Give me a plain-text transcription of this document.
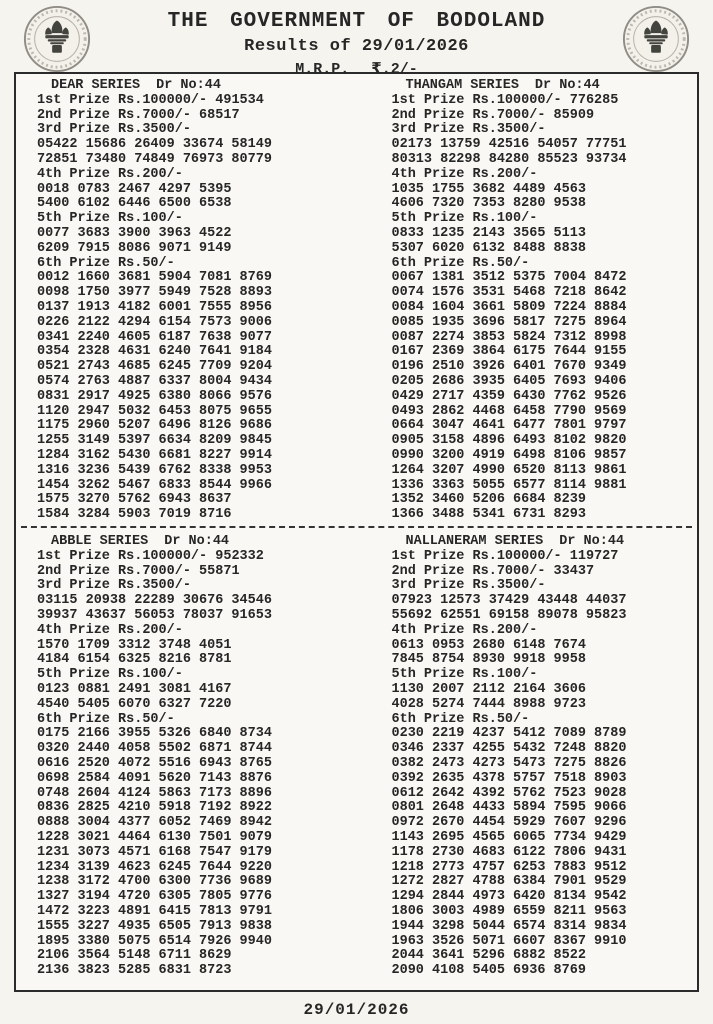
THE GOVERNMENT OF BODOLAND
Results of 29/01/2026
M.R.P. ₹.2/-
DEAR SERIES Dr No:44
1st Prize Rs.100000/- 491534
2nd Prize Rs.7000/- 68517
3rd Prize Rs.3500/-
05422 15686 26409 33674 58149
72851 73480 74849 76973 80779
4th Prize Rs.200/-
0018 0783 2467 4297 5395
5400 6102 6446 6500 6538
5th Prize Rs.100/-
0077 3683 3900 3963 4522
6209 7915 8086 9071 9149
6th Prize Rs.50/-
0012 1660 3681 5904 7081 8769
0098 1750 3977 5949 7528 8893
0137 1913 4182 6001 7555 8956
0226 2122 4294 6154 7573 9006
0341 2240 4605 6187 7638 9077
0354 2328 4631 6240 7641 9184
0521 2743 4685 6245 7709 9204
0574 2763 4887 6337 8004 9434
0831 2917 4925 6380 8066 9576
1120 2947 5032 6453 8075 9655
1175 2960 5207 6496 8126 9686
1255 3149 5397 6634 8209 9845
1284 3162 5430 6681 8227 9914
1316 3236 5439 6762 8338 9953
1454 3262 5467 6833 8544 9966
1575 3270 5762 6943 8637
1584 3284 5903 7019 8716
THANGAM SERIES Dr No:44
1st Prize Rs.100000/- 776285
2nd Prize Rs.7000/- 85909
3rd Prize Rs.3500/-
02173 13759 42516 54057 77751
80313 82298 84280 85523 93734
4th Prize Rs.200/-
1035 1755 3682 4489 4563
4606 7320 7353 8280 9538
5th Prize Rs.100/-
0833 1235 2143 3565 5113
5307 6020 6132 8488 8838
6th Prize Rs.50/-
0067 1381 3512 5375 7004 8472
0074 1576 3531 5468 7218 8642
0084 1604 3661 5809 7224 8884
0085 1935 3696 5817 7275 8964
0087 2274 3853 5824 7312 8998
0167 2369 3864 6175 7644 9155
0196 2510 3926 6401 7670 9349
0205 2686 3935 6405 7693 9406
0429 2717 4359 6430 7762 9526
0493 2862 4468 6458 7790 9569
0664 3047 4641 6477 7801 9797
0905 3158 4896 6493 8102 9820
0990 3200 4919 6498 8106 9857
1264 3207 4990 6520 8113 9861
1336 3363 5055 6577 8114 9881
1352 3460 5206 6684 8239
1366 3488 5341 6731 8293
ABBLE SERIES Dr No:44
1st Prize Rs.100000/- 952332
2nd Prize Rs.7000/- 55871
3rd Prize Rs.3500/-
03115 20938 22289 30676 34546
39937 43637 56053 78037 91653
4th Prize Rs.200/-
1570 1709 3312 3748 4051
4184 6154 6325 8216 8781
5th Prize Rs.100/-
0123 0881 2491 3081 4167
4540 5405 6070 6327 7220
6th Prize Rs.50/-
0175 2166 3955 5326 6840 8734
0320 2440 4058 5502 6871 8744
0616 2520 4072 5516 6943 8765
0698 2584 4091 5620 7143 8876
0748 2604 4124 5863 7173 8896
0836 2825 4210 5918 7192 8922
0888 3004 4377 6052 7469 8942
1228 3021 4464 6130 7501 9079
1231 3073 4571 6168 7547 9179
1234 3139 4623 6245 7644 9220
1238 3172 4700 6300 7736 9689
1327 3194 4720 6305 7805 9776
1472 3223 4891 6415 7813 9791
1555 3227 4935 6505 7913 9838
1895 3380 5075 6514 7926 9940
2106 3564 5148 6711 8629
2136 3823 5285 6831 8723
NALLANERAM SERIES Dr No:44
1st Prize Rs.100000/- 119727
2nd Prize Rs.7000/- 33437
3rd Prize Rs.3500/-
07923 12573 37429 43448 44037
55692 62551 69158 89078 95823
4th Prize Rs.200/-
0613 0953 2680 6148 7674
7845 8754 8930 9918 9958
5th Prize Rs.100/-
1130 2007 2112 2164 3606
4028 5274 7444 8988 9723
6th Prize Rs.50/-
0230 2219 4237 5412 7089 8789
0346 2337 4255 5432 7248 8820
0382 2473 4273 5473 7275 8826
0392 2635 4378 5757 7518 8903
0612 2642 4392 5762 7523 9028
0801 2648 4433 5894 7595 9066
0972 2670 4454 5929 7607 9296
1143 2695 4565 6065 7734 9429
1178 2730 4683 6122 7806 9431
1218 2773 4757 6253 7883 9512
1272 2827 4788 6384 7901 9529
1294 2844 4973 6420 8134 9542
1806 3003 4989 6559 8211 9563
1944 3298 5044 6574 8314 9834
1963 3526 5071 6607 8367 9910
2044 3641 5296 6882 8522
2090 4108 5405 6936 8769
29/01/2026
